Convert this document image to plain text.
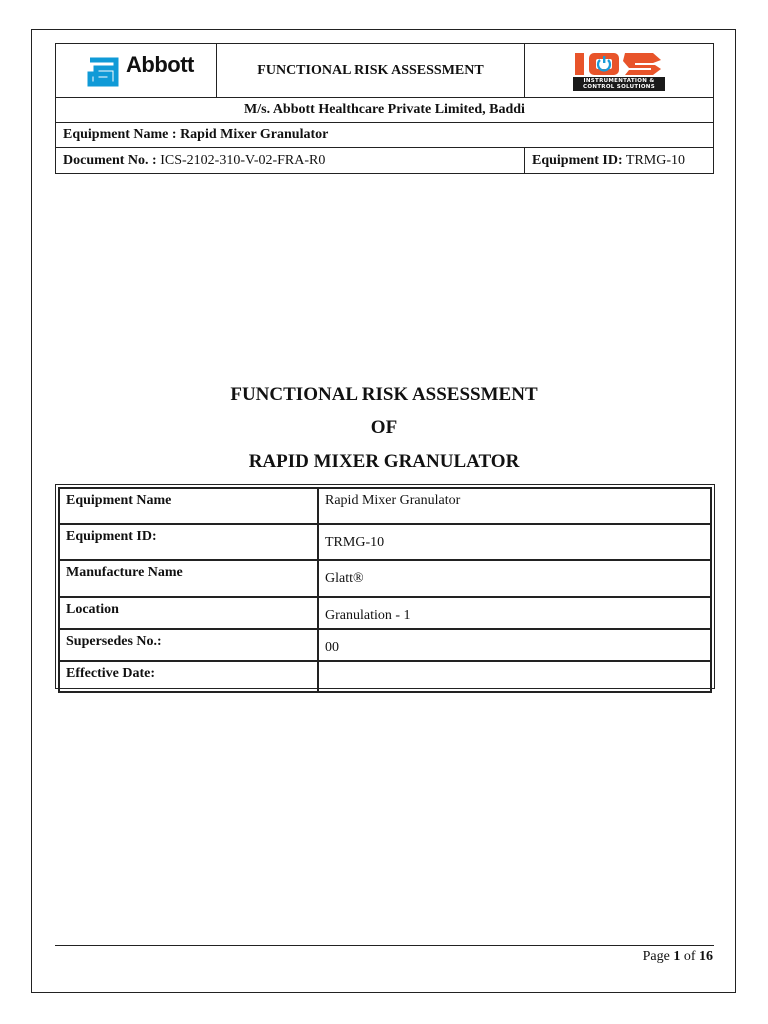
Abbott	FUNCTIONAL RISK ASSESSMENT	INSTRUMENTATION & CONTROL SOLUTIONS

M/s. Abbott Healthcare Private Limited, Baddi		
Equipment Name : Rapid Mixer Granulator		
Document No. : ICS-2102-310-V-02-FRA-R0		Equipment ID: TRMG-10
FUNCTIONAL RISK ASSESSMENT
OF
RAPID MIXER GRANULATOR
Equipment Name	Rapid Mixer Granulator
Equipment ID:	TRMG-10
Manufacture Name	Glatt®
Location	Granulation - 1
Supersedes No.:	00
Effective Date:	
Page 1 of 16
